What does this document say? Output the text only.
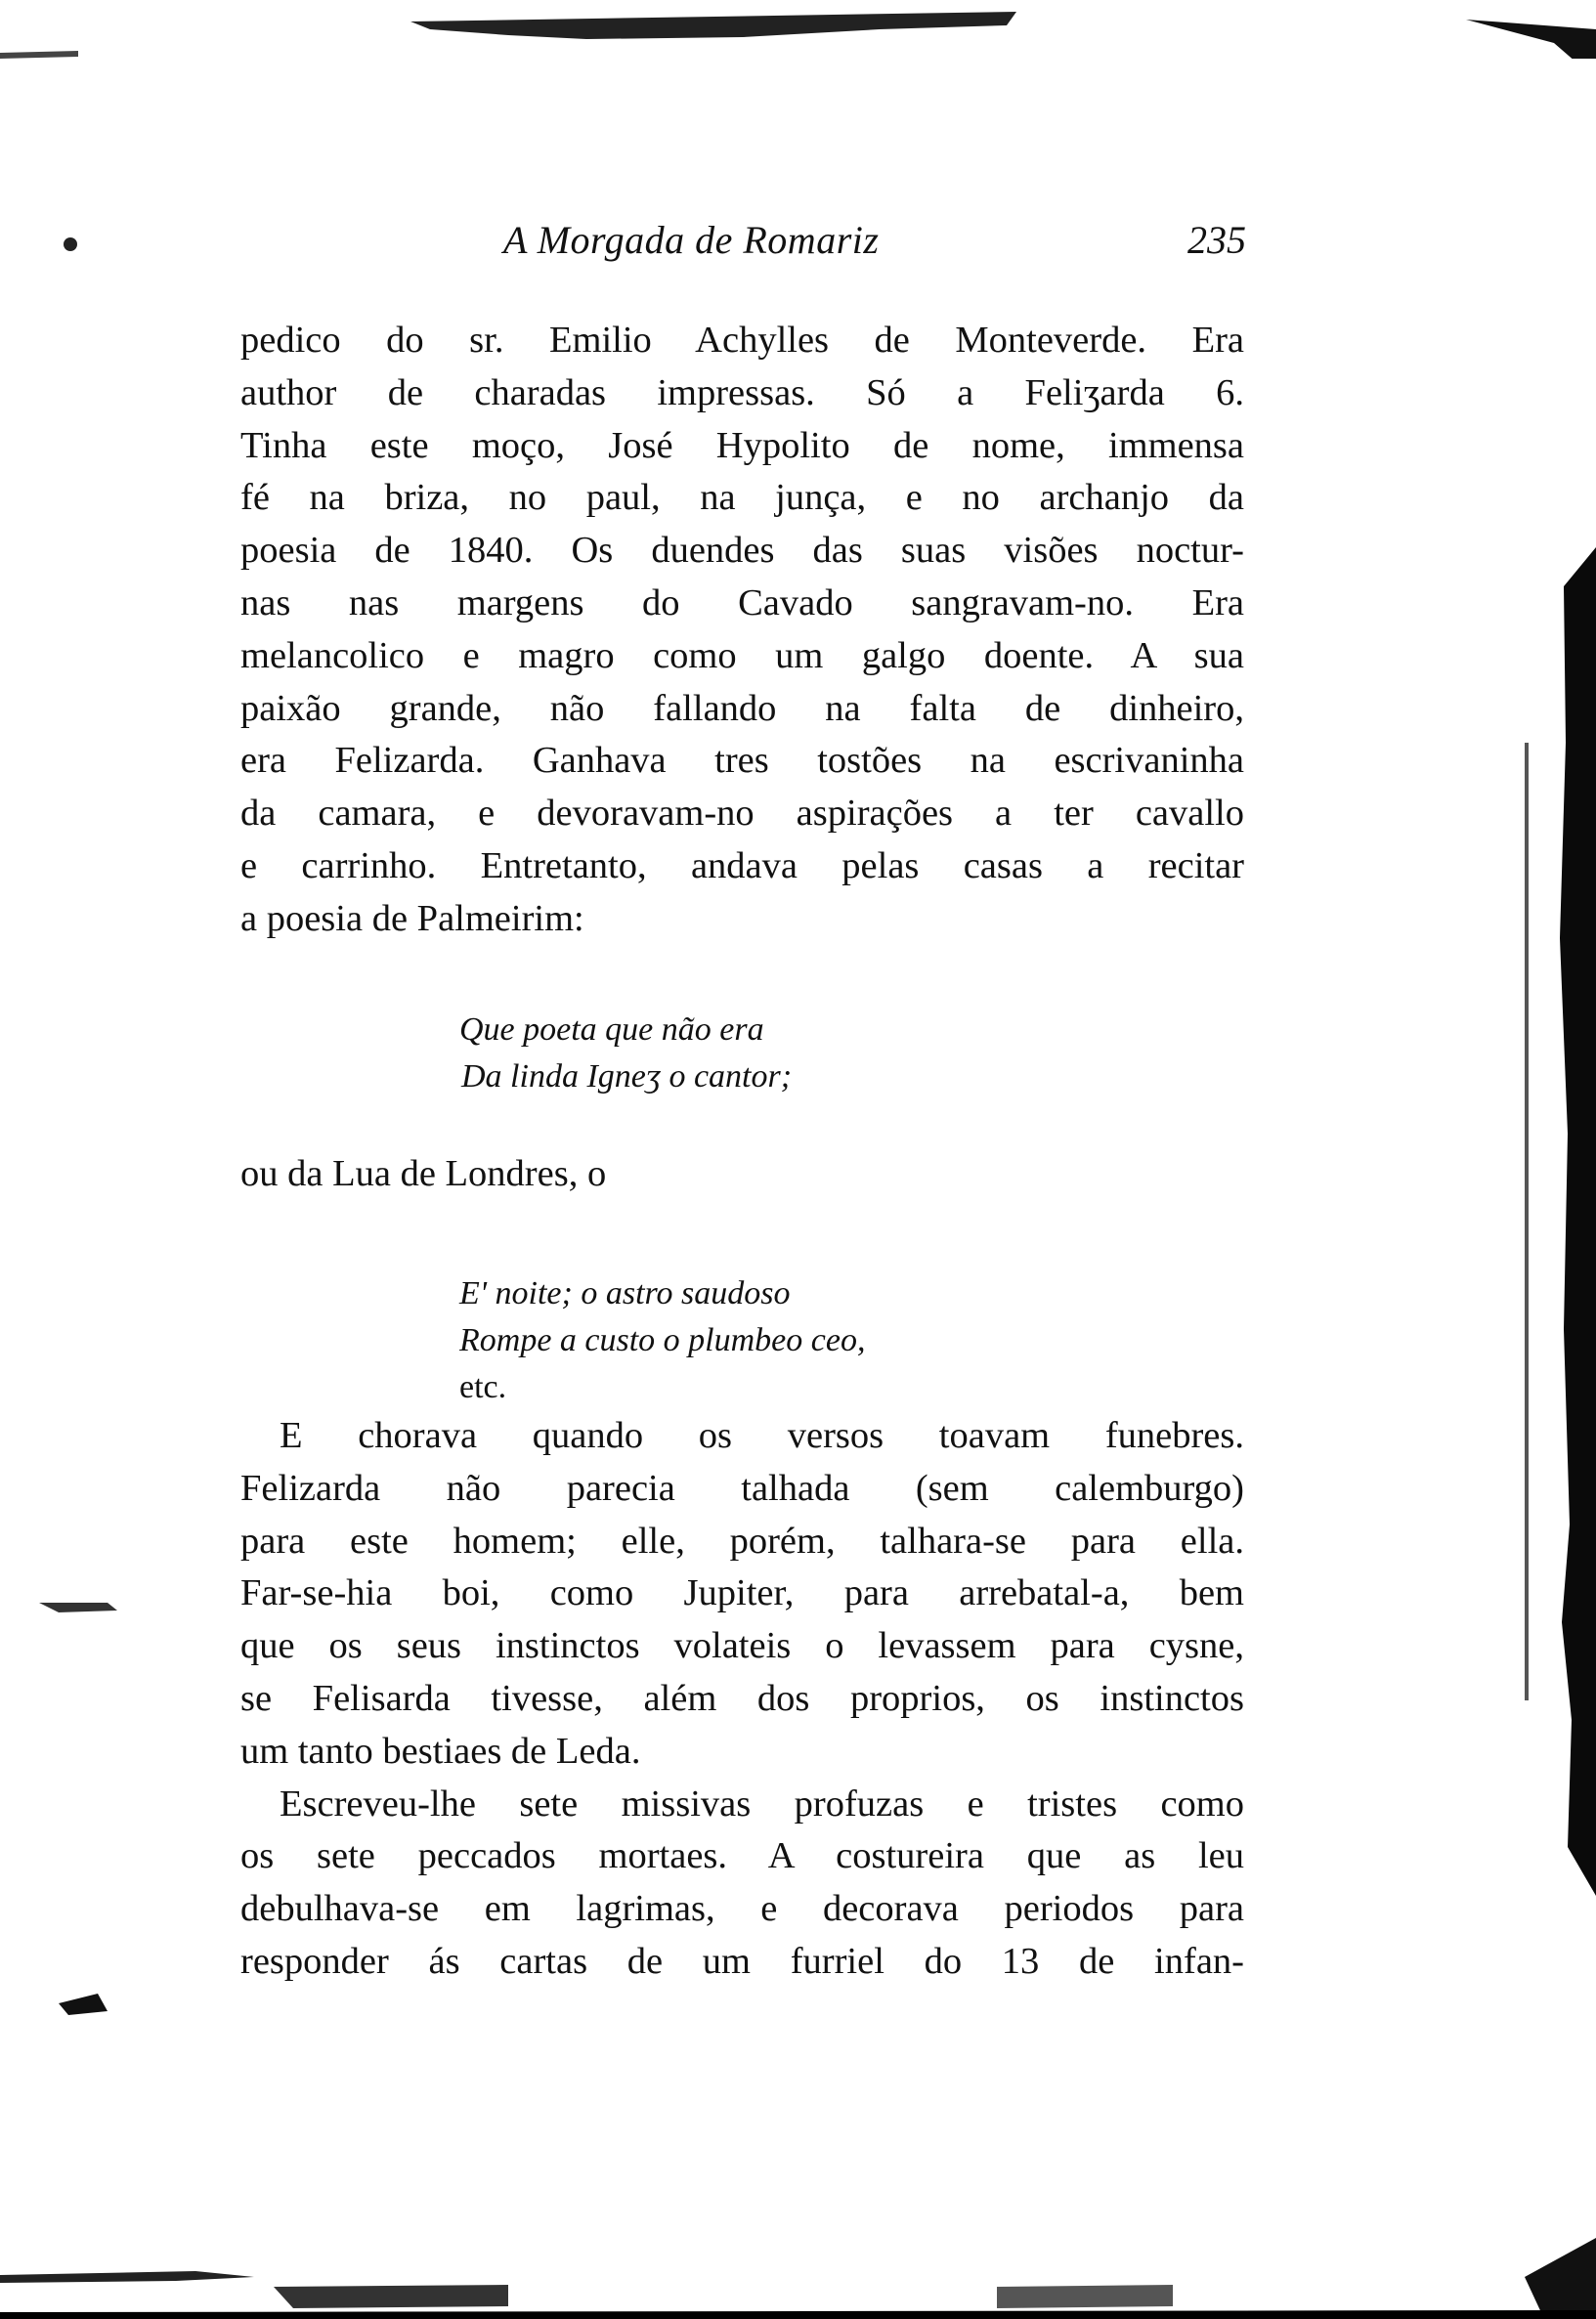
A Morgada de Romariz	235
pedico do sr. Emilio Achylles de Monteverde. Era
author de charadas impressas. Só a Feliʒarda 6.
Tinha este moço, José Hypolito de nome, immensa
fé na briza, no paul, na junça, e no archanjo da
poesia de 1840. Os duendes das suas visões noctur-
nas nas margens do Cavado sangravam-no. Era
melancolico e magro como um galgo doente. A sua
paixão grande, não fallando na falta de dinheiro,
era Felizarda. Ganhava tres tostões na escrivaninha
da camara, e devoravam-no aspirações a ter cavallo
e carrinho. Entretanto, andava pelas casas a recitar
a poesia de Palmeirim:
Que poeta que não era
Da linda Igneʒ o cantor;
ou da Lua de Londres, o
E' noite; o astro saudoso
Rompe a custo o plumbeo ceo,
etc.
E chorava quando os versos toavam funebres.
Felizarda não parecia talhada (sem calemburgo)
para este homem; elle, porém, talhara-se para ella.
Far-se-hia boi, como Jupiter, para arrebatal-a, bem
que os seus instinctos volateis o levassem para cysne,
se Felisarda tivesse, além dos proprios, os instinctos
um tanto bestiaes de Leda.
Escreveu-lhe sete missivas profuzas e tristes como
os sete peccados mortaes. A costureira que as leu
debulhava-se em lagrimas, e decorava periodos para
responder ás cartas de um furriel do 13 de infan-
